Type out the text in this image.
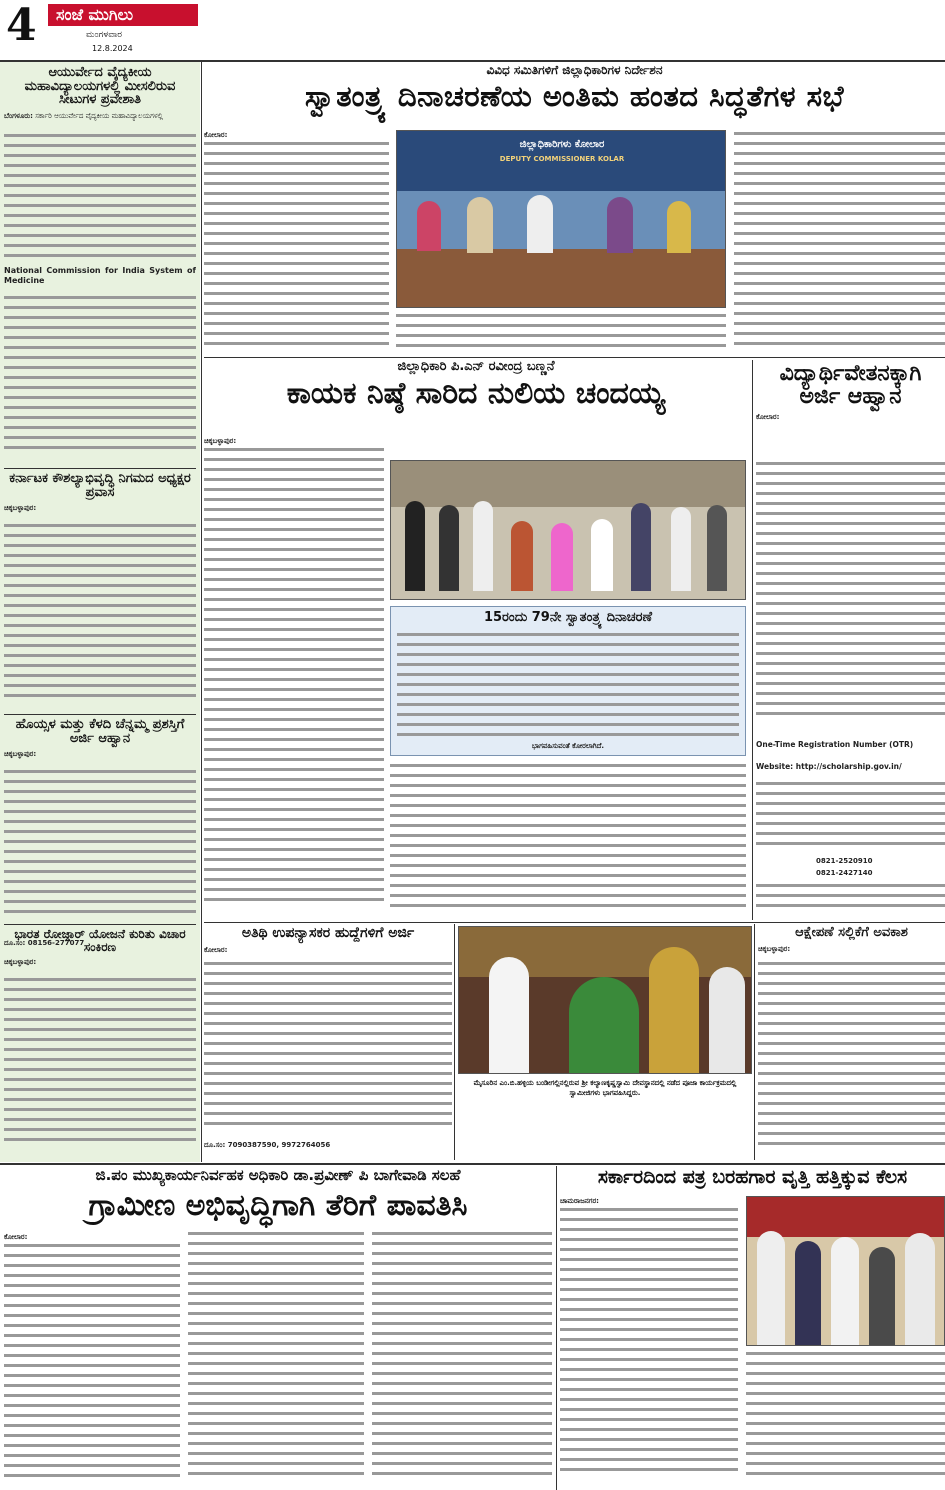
4	ಸಂಜೆ ಮುಗಿಲು
ಮಂಗಳವಾರ
12.8.2024
ಆಯುರ್ವೇದ ವೈದ್ಯಕೀಯ ಮಹಾವಿದ್ಯಾಲಯಗಳಲ್ಲಿ ಮೀಸಲಿರುವ ಸೀಟುಗಳ ಪ್ರವೇಶಾತಿ
ಬೆಂಗಳೂರು: ಸರ್ಕಾರಿ ಆಯುರ್ವೇದ ವೈದ್ಯಕೀಯ ಮಹಾವಿದ್ಯಾಲಯಗಳಲ್ಲಿ
National Commission for India System of Medicine
ಕರ್ನಾಟಕ ಕೌಶಲ್ಯಾಭಿವೃದ್ಧಿ ನಿಗಮದ ಅಧ್ಯಕ್ಷರ ಪ್ರವಾಸ
ಚಿಕ್ಕಬಳ್ಳಾಪುರ:
ಹೊಯ್ಸಳ ಮತ್ತು ಕೆಳದಿ ಚೆನ್ನಮ್ಮ ಪ್ರಶಸ್ತಿಗೆ ಅರ್ಜಿ ಆಹ್ವಾನ
ಚಿಕ್ಕಬಳ್ಳಾಪುರ:
ದೂ.ಸಂ: 08156-277077
ಭಾರತ ರೋಜ್ಗಾರ್ ಯೋಜನೆ ಕುರಿತು ವಿಚಾರ ಸಂಕಿರಣ
ಚಿಕ್ಕಬಳ್ಳಾಪುರ:
ವಿವಿಧ ಸಮಿತಿಗಳಿಗೆ ಜಿಲ್ಲಾಧಿಕಾರಿಗಳ ನಿರ್ದೇಶನ
ಸ್ವಾತಂತ್ರ್ಯ ದಿನಾಚರಣೆಯ ಅಂತಿಮ ಹಂತದ ಸಿದ್ಧತೆಗಳ ಸಭೆ
ಕೋಲಾರ:
ಜಿಲ್ಲಾಧಿಕಾರಿಗಳು ಕೋಲಾರ
DEPUTY COMMISSIONER KOLAR
ಜಿಲ್ಲಾಧಿಕಾರಿ ಪಿ.ಎನ್ ರವೀಂದ್ರ ಬಣ್ಣನೆ
ಕಾಯಕ ನಿಷ್ಠೆ ಸಾರಿದ ನುಲಿಯ ಚಂದಯ್ಯ
ಚಿಕ್ಕಬಳ್ಳಾಪುರ:
15ರಂದು 79ನೇ ಸ್ವಾತಂತ್ರ್ಯ ದಿನಾಚರಣೆ
ಭಾಗವಹಿಸುವಂತೆ ಕೋರಲಾಗಿದೆ.
ವಿದ್ಯಾರ್ಥಿವೇತನಕ್ಕಾಗಿ ಅರ್ಜಿ ಆಹ್ವಾನ
ಕೋಲಾರ:
One-Time Registration Number (OTR)
Website: http://scholarship.gov.in/
0821-2520910
0821-2427140
ಅತಿಥಿ ಉಪನ್ಯಾಸಕರ ಹುದ್ದೆಗಳಿಗೆ ಅರ್ಜಿ
ಕೋಲಾರ:
ದೂ.ಸಂ: 7090387590, 9972764056
ಮೈಸೂರಿನ ಎಂ.ಬಿ.ಹಳ್ಳಿಯ ಬಂಡೀಗಲ್ಲಿನಲ್ಲಿರುವ ಶ್ರೀ ಕಲ್ಯಾಣಕೃಷ್ಣಸ್ವಾಮಿ ದೇವಸ್ಥಾನದಲ್ಲಿ ನಡೆದ ಪೂಜಾ ಕಾರ್ಯಕ್ರಮದಲ್ಲಿ ಸ್ವಾಮೀಜಿಗಳು ಭಾಗವಹಿಸಿದ್ದರು.
ಆಕ್ಷೇಪಣೆ ಸಲ್ಲಿಕೆಗೆ ಅವಕಾಶ
ಚಿಕ್ಕಬಳ್ಳಾಪುರ:
ಜಿ.ಪಂ ಮುಖ್ಯಕಾರ್ಯನಿರ್ವಹಕ ಅಧಿಕಾರಿ ಡಾ.ಪ್ರವೀಣ್ ಪಿ ಬಾಗೇವಾಡಿ ಸಲಹೆ
ಗ್ರಾಮೀಣ ಅಭಿವೃದ್ಧಿಗಾಗಿ ತೆರಿಗೆ ಪಾವತಿಸಿ
ಕೋಲಾರ:
ಸರ್ಕಾರದಿಂದ ಪತ್ರ ಬರಹಗಾರ ವೃತ್ತಿ ಹತ್ತಿಕ್ಕುವ ಕೆಲಸ
ಚಾಮರಾಜನಗರ:
